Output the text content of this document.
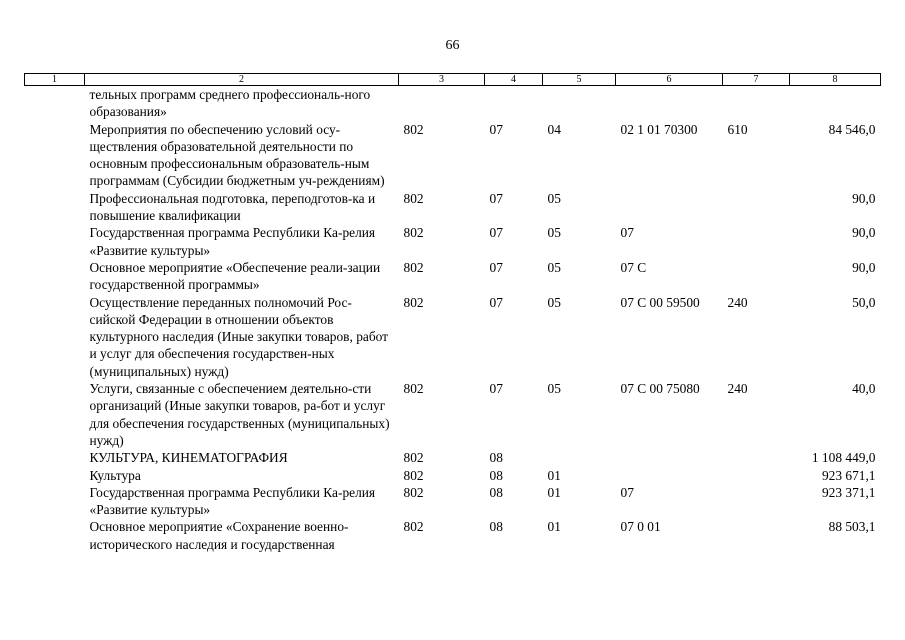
66
1	2	3	4	5	6	7	8
	тельных программ среднего профессиональ-ного образования»						
	Мероприятия по обеспечению условий осу-ществления образовательной деятельности по основным профессиональным образователь-ным программам (Субсидии бюджетным уч-реждениям)	802	07	04	02 1 01 70300	610	84 546,0
	Профессиональная подготовка, переподготов-ка и повышение квалификации	802	07	05			90,0
	Государственная программа Республики Ка-релия «Развитие культуры»	802	07	05	07		90,0
	Основное мероприятие «Обеспечение реали-зации государственной программы»	802	07	05	07 С		90,0
	Осуществление переданных полномочий Рос-сийской Федерации в отношении объектов культурного наследия (Иные закупки товаров, работ и услуг для обеспечения государствен-ных (муниципальных) нужд)	802	07	05	07 С 00 59500	240	50,0
	Услуги, связанные с обеспечением деятельно-сти организаций (Иные закупки товаров, ра-бот и услуг для обеспечения государственных (муниципальных) нужд)	802	07	05	07 С 00 75080	240	40,0
	КУЛЬТУРА, КИНЕМАТОГРАФИЯ	802	08				1 108 449,0
	Культура	802	08	01			923 671,1
	Государственная программа Республики Ка-релия «Развитие культуры»	802	08	01	07		923 371,1
	Основное мероприятие «Сохранение военно-исторического наследия и государственная	802	08	01	07 0 01		88 503,1
